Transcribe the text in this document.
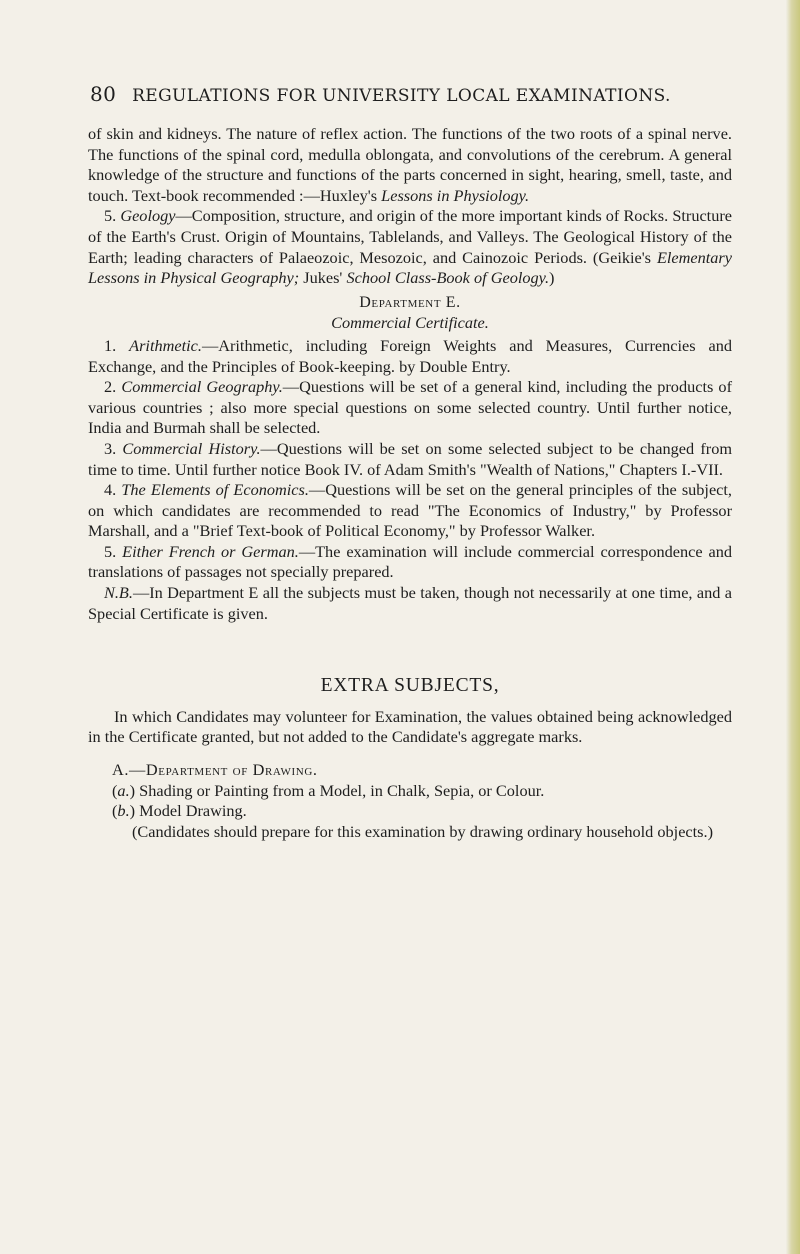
80 REGULATIONS FOR UNIVERSITY LOCAL EXAMINATIONS.

of skin and kidneys. The nature of reflex action. The functions of the two roots of a spinal nerve. The functions of the spinal cord, medulla oblongata, and convolutions of the cerebrum. A general knowledge of the structure and functions of the parts concerned in sight, hearing, smell, taste, and touch. Text-book recommended :—Huxley's Lessons in Physiology.

5. Geology—Composition, structure, and origin of the more important kinds of Rocks. Structure of the Earth's Crust. Origin of Mountains, Tablelands, and Valleys. The Geological History of the Earth; leading characters of Palaeozoic, Mesozoic, and Cainozoic Periods. (Geikie's Elementary Lessons in Physical Geography; Jukes' School Class-Book of Geology.)

Department E.

Commercial Certificate.

1. Arithmetic.—Arithmetic, including Foreign Weights and Measures, Currencies and Exchange, and the Principles of Book-keeping. by Double Entry.

2. Commercial Geography.—Questions will be set of a general kind, including the products of various countries ; also more special questions on some selected country. Until further notice, India and Burmah shall be selected.

3. Commercial History.—Questions will be set on some selected subject to be changed from time to time. Until further notice Book IV. of Adam Smith's "Wealth of Nations," Chapters I.-VII.

4. The Elements of Economics.—Questions will be set on the general principles of the subject, on which candidates are recommended to read "The Economics of Industry," by Professor Marshall, and a "Brief Text-book of Political Economy," by Professor Walker.

5. Either French or German.—The examination will include commercial correspondence and translations of passages not specially prepared.

N.B.—In Department E all the subjects must be taken, though not necessarily at one time, and a Special Certificate is given.

EXTRA SUBJECTS,

In which Candidates may volunteer for Examination, the values obtained being acknowledged in the Certificate granted, but not added to the Candidate's aggregate marks.

A.—Department of Drawing.

(a.) Shading or Painting from a Model, in Chalk, Sepia, or Colour.

(b.) Model Drawing.

(Candidates should prepare for this examination by drawing ordinary household objects.)
